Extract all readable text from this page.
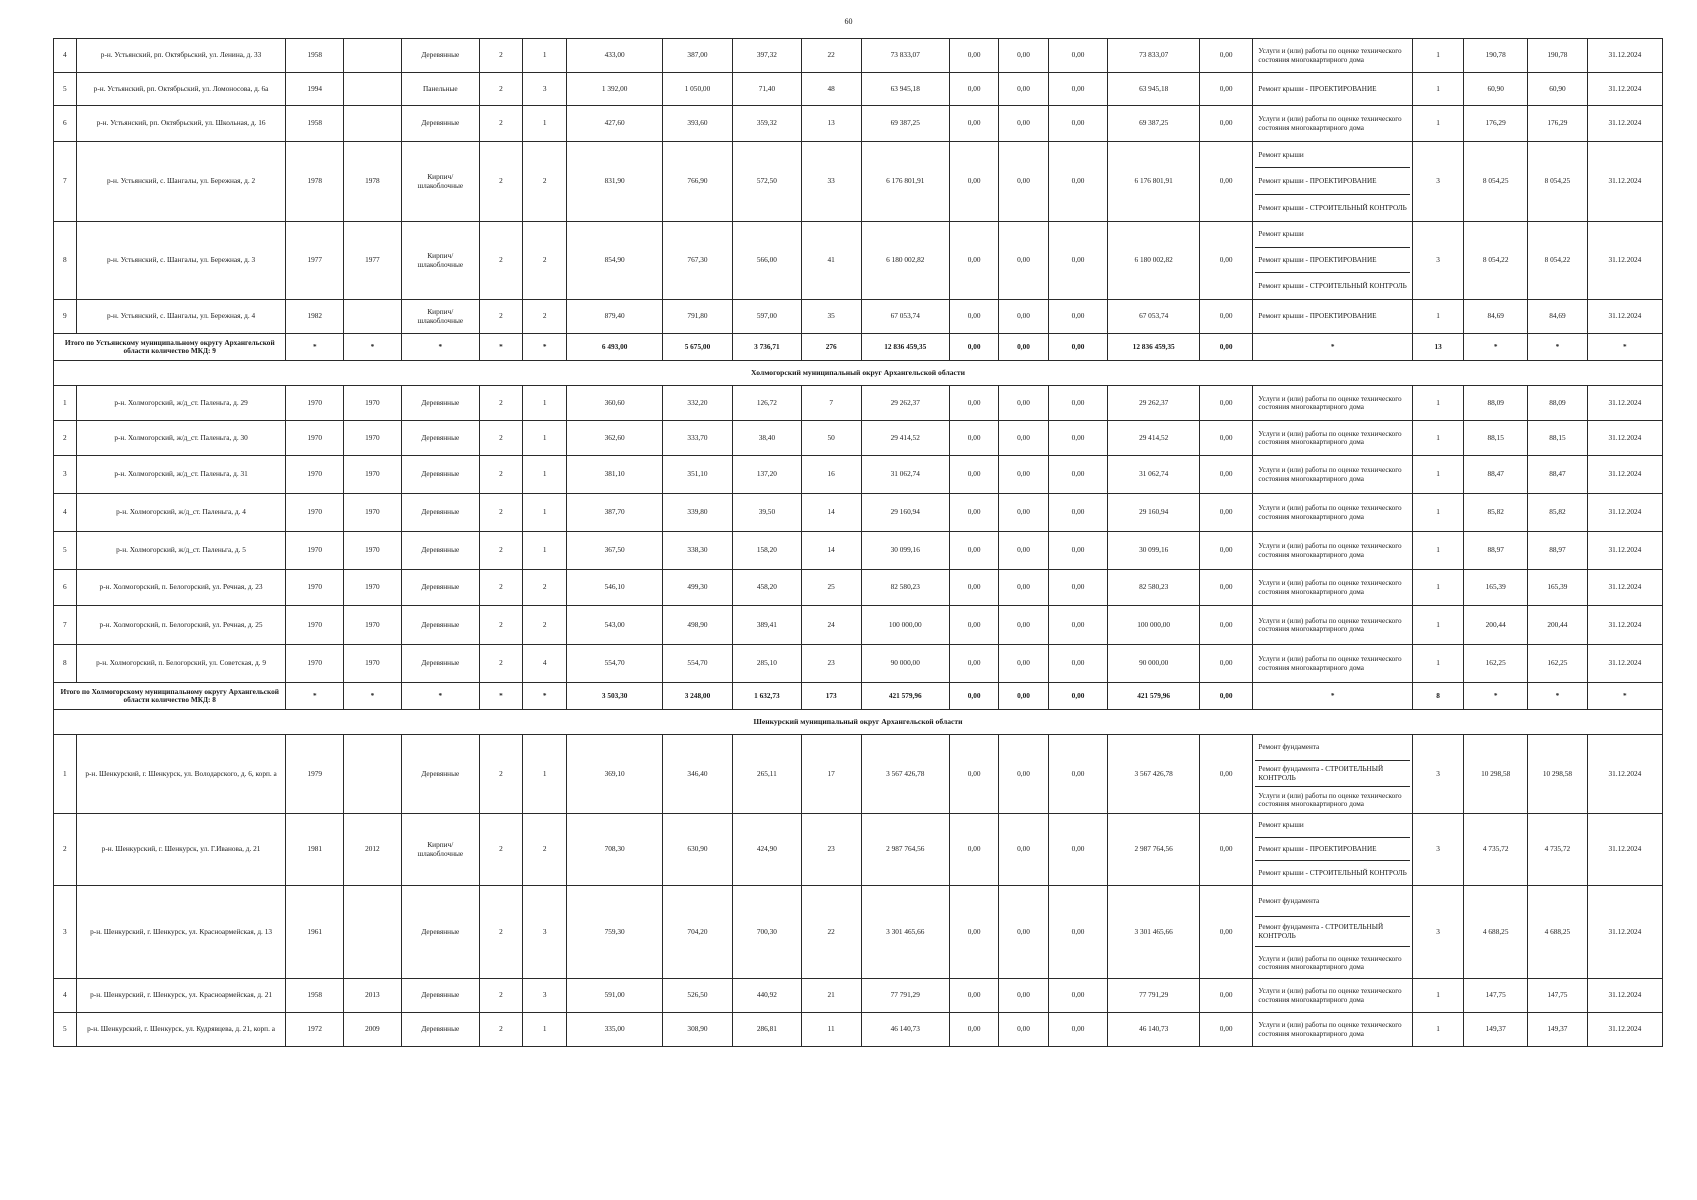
60
4	р-н. Устьянский, рп. Октябрьский, ул. Ленина, д. 33	1958		Деревянные	2	1	433,00	387,00	397,32	22	73 833,07	0,00	0,00	0,00	73 833,07	0,00	Услуги и (или) работы по оценке технического состояния многоквартирного дома	1	190,78	190,78	31.12.2024
5	р-н. Устьянский, рп. Октябрьский, ул. Ломоносова, д. 6а	1994		Панельные	2	3	1 392,00	1 050,00	71,40	48	63 945,18	0,00	0,00	0,00	63 945,18	0,00	Ремонт крыши - ПРОЕКТИРОВАНИЕ	1	60,90	60,90	31.12.2024
6	р-н. Устьянский, рп. Октябрьский, ул. Школьная, д. 16	1958		Деревянные	2	1	427,60	393,60	359,32	13	69 387,25	0,00	0,00	0,00	69 387,25	0,00	Услуги и (или) работы по оценке технического состояния многоквартирного дома	1	176,29	176,29	31.12.2024
7	р-н. Устьянский, с. Шангалы, ул. Бережная, д. 2	1978	1978	Кирпич/ шлакоблочные	2	2	831,90	766,90	572,50	33	6 176 801,91	0,00	0,00	0,00	6 176 801,91	0,00	Ремонт крыши
Ремонт крыши - ПРОЕКТИРОВАНИЕ
Ремонт крыши - СТРОИТЕЛЬНЫЙ КОНТРОЛЬ	3	8 054,25	8 054,25	31.12.2024
8	р-н. Устьянский, с. Шангалы, ул. Бережная, д. 3	1977	1977	Кирпич/ шлакоблочные	2	2	854,90	767,30	566,00	41	6 180 002,82	0,00	0,00	0,00	6 180 002,82	0,00	Ремонт крыши
Ремонт крыши - ПРОЕКТИРОВАНИЕ
Ремонт крыши - СТРОИТЕЛЬНЫЙ КОНТРОЛЬ	3	8 054,22	8 054,22	31.12.2024
9	р-н. Устьянский, с. Шангалы, ул. Бережная, д. 4	1982		Кирпич/ шлакоблочные	2	2	879,40	791,80	597,00	35	67 053,74	0,00	0,00	0,00	67 053,74	0,00	Ремонт крыши - ПРОЕКТИРОВАНИЕ	1	84,69	84,69	31.12.2024
Итого по Устьянскому муниципальному округу Архангельской области количество МКД: 9		*	*	*	*	*	6 493,00	5 675,00	3 736,71	276	12 836 459,35	0,00	0,00	0,00	12 836 459,35	0,00	*	13	*	*	*
Холмогорский муниципальный округ Архангельской области																					
1	р-н. Холмогорский, ж/д_ст. Паленьга, д. 29	1970	1970	Деревянные	2	1	360,60	332,20	126,72	7	29 262,37	0,00	0,00	0,00	29 262,37	0,00	Услуги и (или) работы по оценке технического состояния многоквартирного дома	1	88,09	88,09	31.12.2024
2	р-н. Холмогорский, ж/д_ст. Паленьга, д. 30	1970	1970	Деревянные	2	1	362,60	333,70	38,40	50	29 414,52	0,00	0,00	0,00	29 414,52	0,00	Услуги и (или) работы по оценке технического состояния многоквартирного дома	1	88,15	88,15	31.12.2024
3	р-н. Холмогорский, ж/д_ст. Паленьга, д. 31	1970	1970	Деревянные	2	1	381,10	351,10	137,20	16	31 062,74	0,00	0,00	0,00	31 062,74	0,00	Услуги и (или) работы по оценке технического состояния многоквартирного дома	1	88,47	88,47	31.12.2024
4	р-н. Холмогорский, ж/д_ст. Паленьга, д. 4	1970	1970	Деревянные	2	1	387,70	339,80	39,50	14	29 160,94	0,00	0,00	0,00	29 160,94	0,00	Услуги и (или) работы по оценке технического состояния многоквартирного дома	1	85,82	85,82	31.12.2024
5	р-н. Холмогорский, ж/д_ст. Паленьга, д. 5	1970	1970	Деревянные	2	1	367,50	338,30	158,20	14	30 099,16	0,00	0,00	0,00	30 099,16	0,00	Услуги и (или) работы по оценке технического состояния многоквартирного дома	1	88,97	88,97	31.12.2024
6	р-н. Холмогорский, п. Белогорский, ул. Речная, д. 23	1970	1970	Деревянные	2	2	546,10	499,30	458,20	25	82 580,23	0,00	0,00	0,00	82 580,23	0,00	Услуги и (или) работы по оценке технического состояния многоквартирного дома	1	165,39	165,39	31.12.2024
7	р-н. Холмогорский, п. Белогорский, ул. Речная, д. 25	1970	1970	Деревянные	2	2	543,00	498,90	389,41	24	100 000,00	0,00	0,00	0,00	100 000,00	0,00	Услуги и (или) работы по оценке технического состояния многоквартирного дома	1	200,44	200,44	31.12.2024
8	р-н. Холмогорский, п. Белогорский, ул. Советская, д. 9	1970	1970	Деревянные	2	4	554,70	554,70	285,10	23	90 000,00	0,00	0,00	0,00	90 000,00	0,00	Услуги и (или) работы по оценке технического состояния многоквартирного дома	1	162,25	162,25	31.12.2024
Итого по Холмогорскому муниципальному округу Архангельской области количество МКД: 8		*	*	*	*	*	3 503,30	3 248,00	1 632,73	173	421 579,96	0,00	0,00	0,00	421 579,96	0,00	*	8	*	*	*
Шенкурский муниципальный округ Архангельской области																					
1	р-н. Шенкурский, г. Шенкурск, ул. Володарского, д. 6, корп. а	1979		Деревянные	2	1	369,10	346,40	265,11	17	3 567 426,78	0,00	0,00	0,00	3 567 426,78	0,00	Ремонт фундамента
Ремонт фундамента - СТРОИТЕЛЬНЫЙ КОНТРОЛЬ
Услуги и (или) работы по оценке технического состояния многоквартирного дома	3	10 298,58	10 298,58	31.12.2024
2	р-н. Шенкурский, г. Шенкурск, ул. Г.Иванова, д. 21	1981	2012	Кирпич/ шлакоблочные	2	2	708,30	630,90	424,90	23	2 987 764,56	0,00	0,00	0,00	2 987 764,56	0,00	Ремонт крыши
Ремонт крыши - ПРОЕКТИРОВАНИЕ
Ремонт крыши - СТРОИТЕЛЬНЫЙ КОНТРОЛЬ	3	4 735,72	4 735,72	31.12.2024
3	р-н. Шенкурский, г. Шенкурск, ул. Красноармейская, д. 13	1961		Деревянные	2	3	759,30	704,20	700,30	22	3 301 465,66	0,00	0,00	0,00	3 301 465,66	0,00	Ремонт фундамента
Ремонт фундамента - СТРОИТЕЛЬНЫЙ КОНТРОЛЬ
Услуги и (или) работы по оценке технического состояния многоквартирного дома	3	4 688,25	4 688,25	31.12.2024
4	р-н. Шенкурский, г. Шенкурск, ул. Красноармейская, д. 21	1958	2013	Деревянные	2	3	591,00	526,50	440,92	21	77 791,29	0,00	0,00	0,00	77 791,29	0,00	Услуги и (или) работы по оценке технического состояния многоквартирного дома	1	147,75	147,75	31.12.2024
5	р-н. Шенкурский, г. Шенкурск, ул. Кудрявцева, д. 21, корп. а	1972	2009	Деревянные	2	1	335,00	308,90	286,81	11	46 140,73	0,00	0,00	0,00	46 140,73	0,00	Услуги и (или) работы по оценке технического состояния многоквартирного дома	1	149,37	149,37	31.12.2024
